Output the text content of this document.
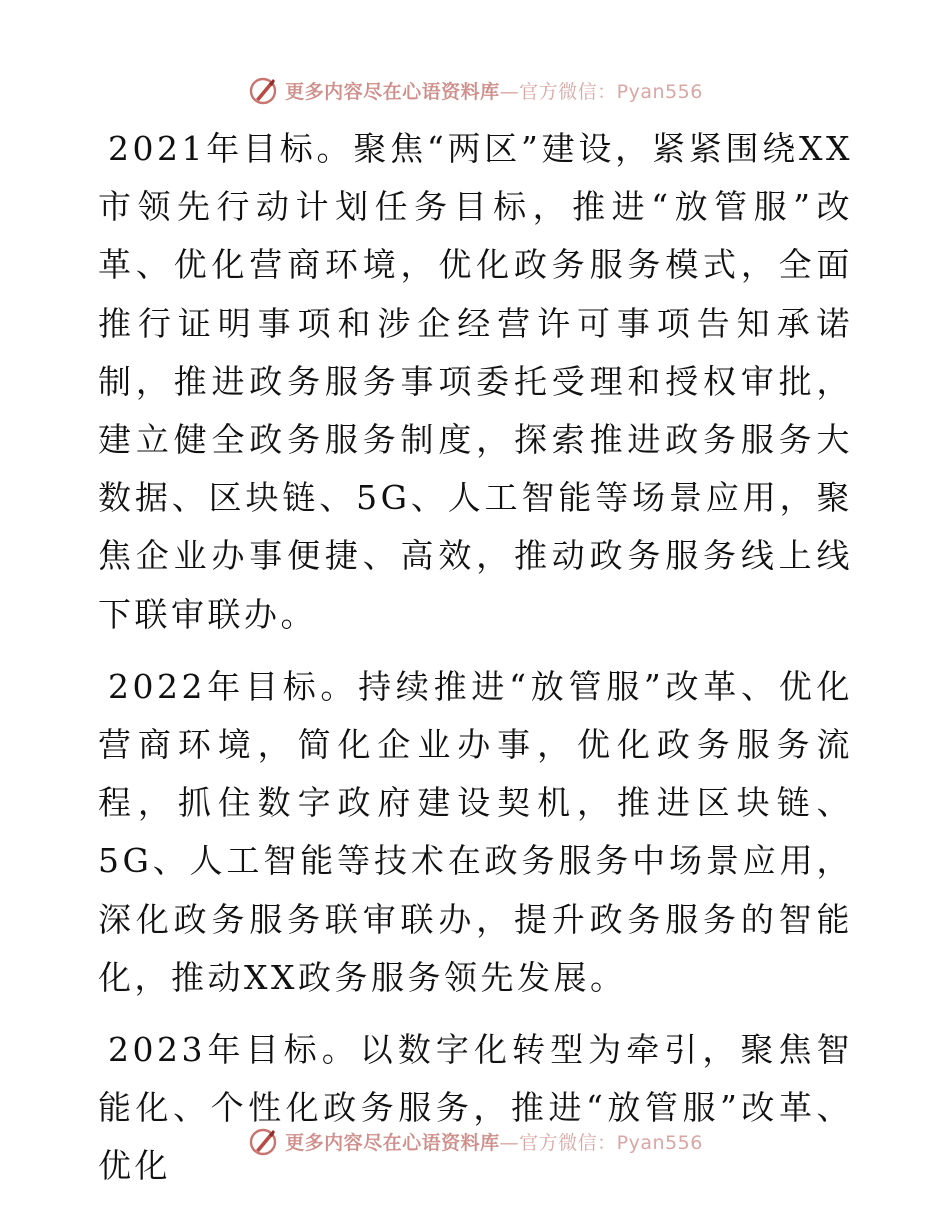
更多内容尽在心语资料库—官方微信：Pyan556

2021年目标。聚焦“两区”建设，紧紧围绕XX市领先行动计划任务目标，推进“放管服”改革、优化营商环境，优化政务服务模式，全面推行证明事项和涉企经营许可事项告知承诺制，推进政务服务事项委托受理和授权审批，建立健全政务服务制度，探索推进政务服务大数据、区块链、5G、人工智能等场景应用，聚焦企业办事便捷、高效，推动政务服务线上线下联审联办。

2022年目标。持续推进“放管服”改革、优化营商环境，简化企业办事，优化政务服务流程，抓住数字政府建设契机，推进区块链、5G、人工智能等技术在政务服务中场景应用，深化政务服务联审联办，提升政务服务的智能化，推动XX政务服务领先发展。

2023年目标。以数字化转型为牵引，聚焦智能化、个性化政务服务，推进“放管服”改革、优化

更多内容尽在心语资料库—官方微信：Pyan556
